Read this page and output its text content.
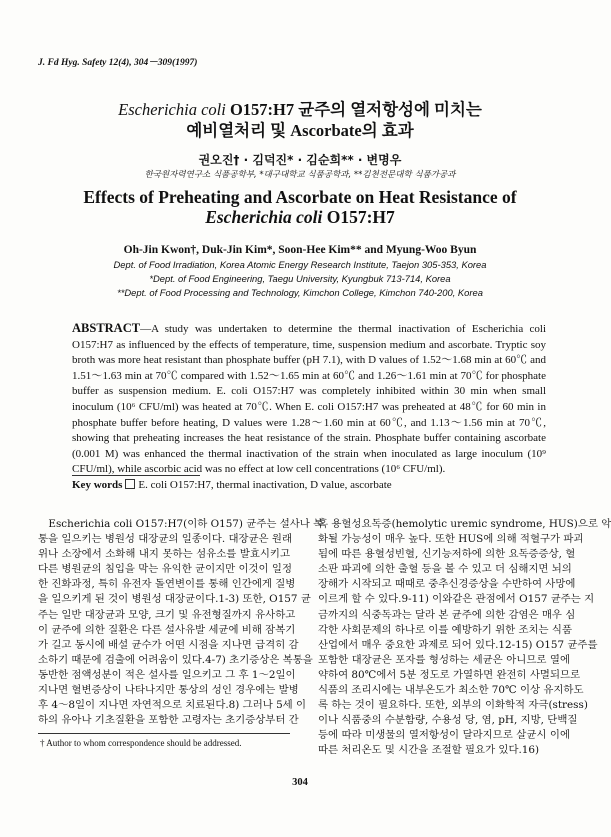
J. Fd Hyg. Safety 12(4), 304－309(1997)
Escherichia coli O157:H7 균주의 열저항성에 미치는
예비열처리 및 Ascorbate의 효과
권오진† · 김덕진* · 김순희** · 변명우
한국원자력연구소 식품공학부, *대구대학교 식품공학과, **김천전문대학 식품가공과
Effects of Preheating and Ascorbate on Heat Resistance of
Escherichia coli O157:H7
Oh-Jin Kwon†, Duk-Jin Kim*, Soon-Hee Kim** and Myung-Woo Byun
Dept. of Food Irradiation, Korea Atomic Energy Research Institute, Taejon 305-353, Korea
*Dept. of Food Engineering, Taegu University, Kyungbuk 713-714, Korea
**Dept. of Food Processing and Technology, Kimchon College, Kimchon 740-200, Korea
ABSTRACT—A study was undertaken to determine the thermal inactivation of Escherichia coli O157:H7 as influenced by the effects of temperature, time, suspension medium and ascorbate. Tryptic soy broth was more heat resistant than phosphate buffer (pH 7.1), with D values of 1.52～1.68 min at 60℃ and 1.51～1.63 min at 70℃ compared with 1.52～1.65 min at 60℃ and 1.26～1.61 min at 70℃ for phosphate buffer as suspension medium. E. coli O157:H7 was completely inhibited within 30 min when small inoculum (10⁶ CFU/ml) was heated at 70℃. When E. coli O157:H7 was preheated at 48℃ for 60 min in phosphate buffer before heating, D values were 1.28～1.60 min at 60℃, and 1.13～1.56 min at 70℃, showing that preheating increases the heat resistance of the strain. Phosphate buffer containing ascorbate (0.001 M) was enhanced the thermal inactivation of the strain when inoculated as large inoculum (10⁹ CFU/ml), while ascorbic acid was no effect at low cell concentrations (10⁶ CFU/ml).
Key words E. coli O157:H7, thermal inactivation, D value, ascorbate
　Escherichia coli O157:H7(이하 O157) 균주는 설사나 복
통을 일으키는 병원성 대장균의 일종이다. 대장균은 원래
위나 소장에서 소화해 내지 못하는 섬유소를 발효시키고
다른 병원균의 침입을 막는 유익한 균이지만 이것이 일정
한 진화과정, 특히 유전자 돌연변이를 통해 인간에게 질병
을 일으키게 된 것이 병원성 대장균이다.1-3) 또한, O157 균
주는 일반 대장균과 모양, 크기 및 유전형질까지 유사하고
이 균주에 의한 질환은 다른 설사유발 세균에 비해 잠복기
가 길고 동시에 배설 균수가 어떤 시점을 지나면 급격히 감
소하기 때문에 검출에 어려움이 있다.4-7) 초기증상은 복통을
동반한 점액성분이 적은 설사를 일으키고 그 후 1～2일이
지나면 혈변증상이 나타나지만 통상의 성인 경우에는 발병
후 4～8일이 지나면 자연적으로 치료된다.8) 그러나 5세 이
하의 유아나 기초질환을 포함한 고령자는 초기증상부터 간
혹 용혈성요독증(hemolytic uremic syndrome, HUS)으로 악
화될 가능성이 매우 높다. 또한 HUS에 의해 적혈구가 파괴
됨에 따른 용혈성빈혈, 신기능저하에 의한 요독증증상, 혈
소판 파괴에 의한 출혈 등을 볼 수 있고 더 심해지면 뇌의
장해가 시작되고 때때로 중추신경증상을 수반하여 사망에
이르게 할 수 있다.9-11) 이와같은 관점에서 O157 균주는 지
금까지의 식중독과는 달라 본 균주에 의한 감염은 매우 심
각한 사회문제의 하나로 이를 예방하기 위한 조치는 식품
산업에서 매우 중요한 과제로 되어 있다.12-15) O157 균주를
포함한 대장균은 포자를 형성하는 세균은 아니므로 열에
약하여 80℃에서 5분 정도로 가열하면 완전히 사멸되므로
식품의 조리시에는 내부온도가 최소한 70℃ 이상 유지하도
록 하는 것이 필요하다. 또한, 외부의 이화학적 자극(stress)
이나 식품중의 수분함량, 수용성 당, 염, pH, 지방, 단백질
등에 따라 미생물의 열저항성이 달라지므로 살균시 이에
따른 처리온도 및 시간을 조절할 필요가 있다.16)
† Author to whom correspondence should be addressed.
304
